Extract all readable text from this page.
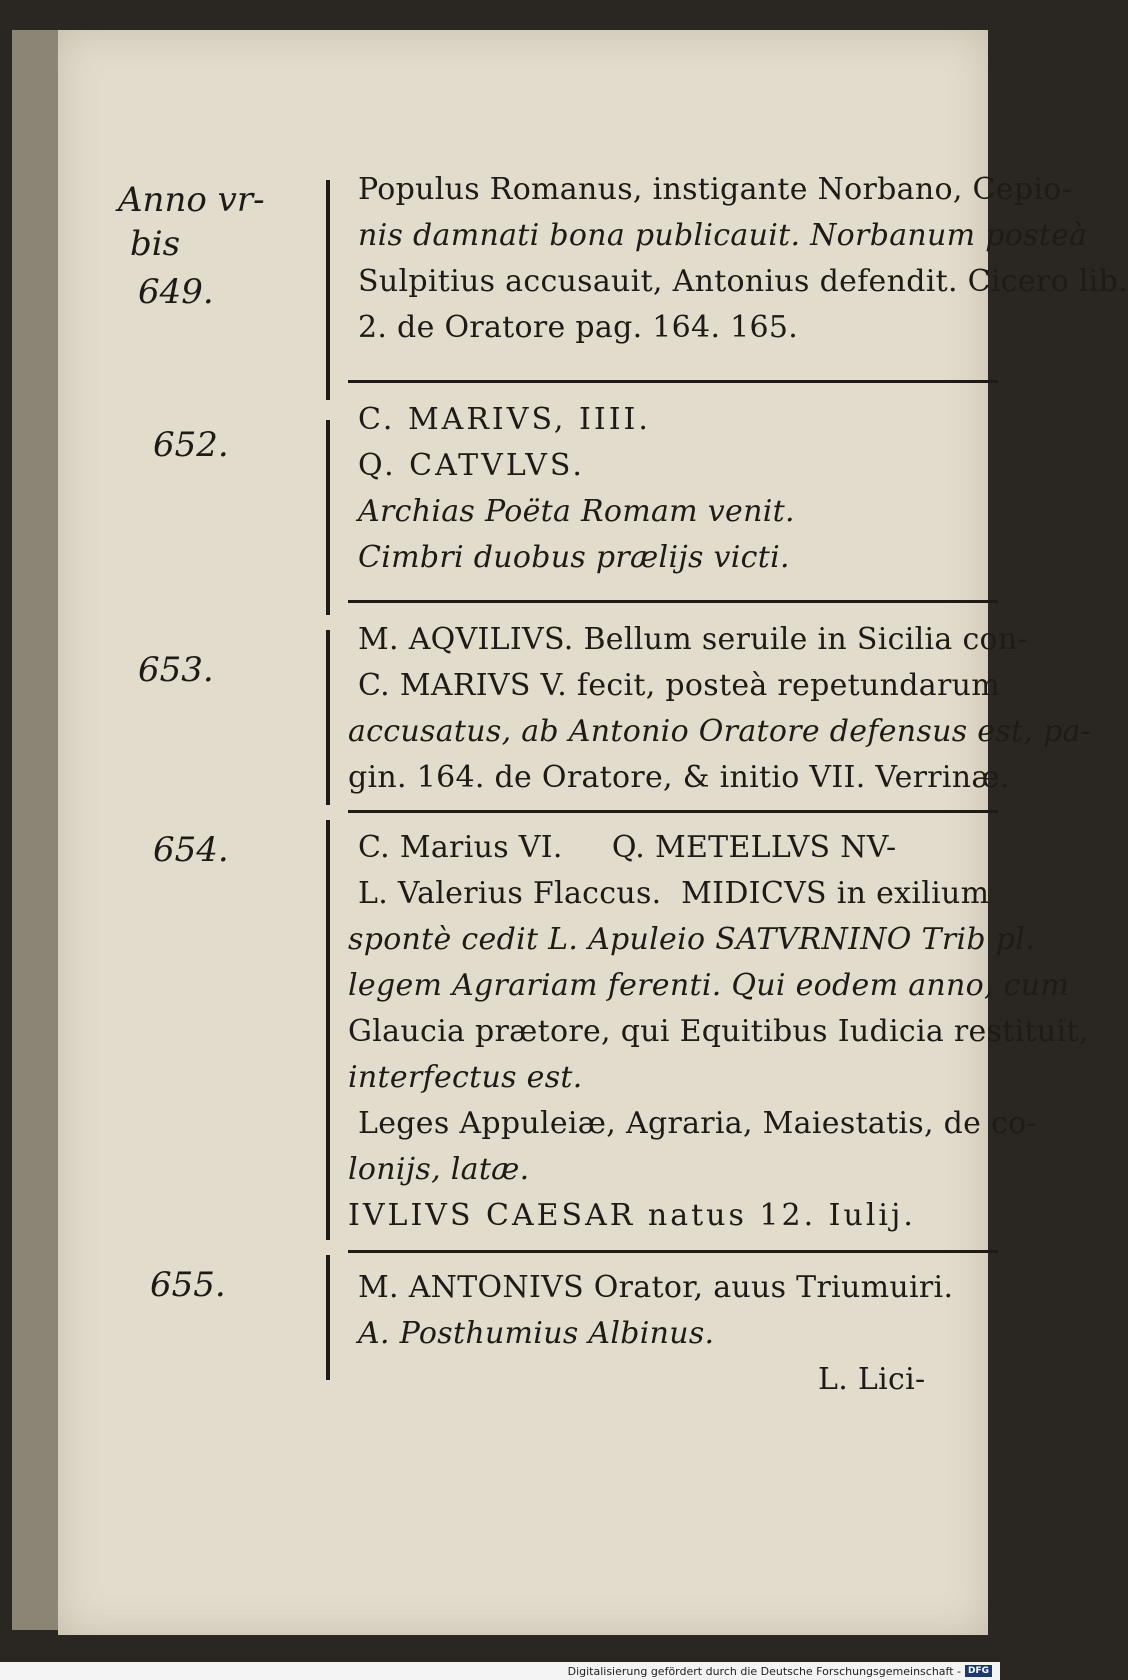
Anno vr-
bis
649.
652.
653.
654.
655.
Populus Romanus, instigante Norbano, Cepio-
nis damnati bona publicauit. Norbanum posteà
Sulpitius accusauit, Antonius defendit. Cicero lib.
2. de Oratore pag. 164. 165.
C. MARIVS, IIII.
Q. CATVLVS.
Archias Poëta Romam venit.
Cimbri duobus prælijs victi.
M. AQVILIVS. Bellum seruile in Sicilia con-
C. MARIVS V. fecit, posteà repetundarum
accusatus, ab Antonio Oratore defensus est, pa-
gin. 164. de Oratore, & initio VII. Verrinæ.
C. Marius VI.     Q. METELLVS NV-
L. Valerius Flaccus.  MIDICVS in exilium
spontè cedit L. Apuleio SATVRNINO Trib pl.
legem Agrariam ferenti. Qui eodem anno, cum
Glaucia prætore, qui Equitibus Iudicia restituit,
interfectus est.
Leges Appuleiæ, Agraria, Maiestatis, de co-
lonijs, latæ.
IVLIVS CAESAR natus 12. Iulij.
M. ANTONIVS Orator, auus Triumuiri.
A. Posthumius Albinus.
L. Lici-
Digitalisierung gefördert durch die Deutsche Forschungsgemeinschaft - DFG
